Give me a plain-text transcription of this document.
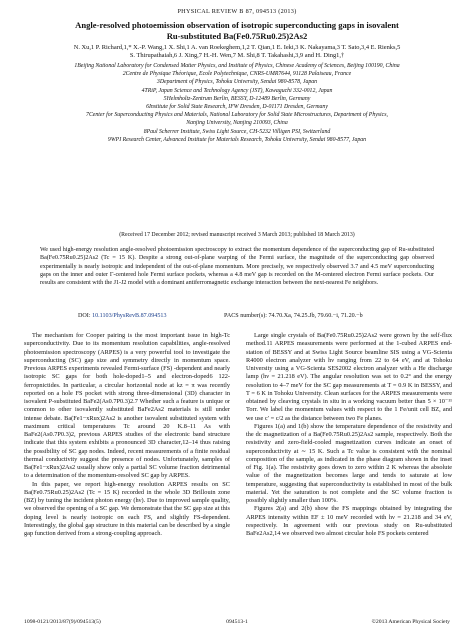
PHYSICAL REVIEW B 87, 094513 (2013)
Angle-resolved photoemission observation of isotropic superconducting gaps in isovalent
Ru-substituted Ba(Fe0.75Ru0.25)2As2
N. Xu,1 P. Richard,1,* X.-P. Wang,1 X. Shi,1 A. van Roekeghem,1,2 T. Qian,1 E. Ieki,3 K. Nakayama,3 T. Sato,3,4 E. Rienks,5
S. Thirupathaiah,6 J. Xing,7 H.-H. Wen,7 M. Shi,8 T. Takahashi,3,9 and H. Ding1,†
1Beijing National Laboratory for Condensed Matter Physics, and Institute of Physics, Chinese Academy of Sciences, Beijing 100190, China
2Centre de Physique Théorique, Ecole Polytechnique, CNRS-UMR7644, 91128 Palaiseau, France
3Department of Physics, Tohoku University, Sendai 980-8578, Japan
4TRiP, Japan Science and Technology Agency (JST), Kawaguchi 332-0012, Japan
5Helmholtz-Zentrum Berlin, BESSY, D-12489 Berlin, Germany
6Institute for Solid State Research, IFW Dresden, D-01171 Dresden, Germany
7Center for Superconducting Physics and Materials, National Laboratory for Solid State Microstructures, Department of Physics,
Nanjing University, Nanjing 210093, China
8Paul Scherrer Institute, Swiss Light Source, CH-5232 Villigen PSI, Switzerland
9WPI Research Center, Advanced Institute for Materials Research, Tohoku University, Sendai 980-8577, Japan
(Received 17 December 2012; revised manuscript received 3 March 2013; published 18 March 2013)
We used high-energy resolution angle-resolved photoemission spectroscopy to extract the momentum dependence of the superconducting gap of Ru-substituted Ba(Fe0.75Ru0.25)2As2 (Tc = 15 K). Despite a strong out-of-plane warping of the Fermi surface, the magnitude of the superconducting gap observed experimentally is nearly isotropic and independent of the out-of-plane momentum. More precisely, we respectively observed 3.7 and 4.5 meV superconducting gaps on the inner and outer Γ-centered hole Fermi surface pockets, whereas a 4.8 meV gap is recorded on the M-centered electron Fermi surface pockets. Our results are consistent with the J1-J2 model with a dominant antiferromagnetic exchange interaction between the next-nearest Fe neighbors.
DOI: 10.1103/PhysRevB.87.094513	PACS number(s): 74.70.Xa, 74.25.Jb, 79.60.−i, 71.20.−b

The mechanism for Cooper pairing is the most important issue in high-Tc superconductivity. Due to its momentum resolution capabilities, angle-resolved photoemission spectroscopy (ARPES) is a very powerful tool to investigate the superconducting (SC) gap size and symmetry directly in momentum space. Previous ARPES experiments revealed Fermi-surface (FS) -dependent and nearly isotropic SC gaps for both hole-doped1–5 and electron-doped6 122-ferropnictides. In particular, a circular horizontal node at kz = π was recently reported on a hole FS pocket with strong three-dimensional (3D) character in isovalent P-substituted BaFe2(As0.7P0.3)2.7 Whether such a feature is unique or common to other isovalently substituted BaFe2As2 materials is still under intense debate. Ba(Fe1−xRux)2As2 is another isovalent substituted system with maximum critical temperatures Tc around 20 K.8–11 As with BaFe2(As0.7P0.3)2, previous ARPES studies of the electronic band structure indicate that this system exhibits a pronounced 3D character,12–14 thus raising the possibility of SC gap nodes. Indeed, recent measurements of a finite residual thermal conductivity suggest the presence of nodes. Unfortunately, samples of Ba(Fe1−xRux)2As2 usually show only a partial SC volume fraction detrimental to a determination of the momentum-resolved SC gap by ARPES.

In this paper, we report high-energy resolution ARPES results on SC Ba(Fe0.75Ru0.25)2As2 (Tc = 15 K) recorded in the whole 3D Brillouin zone (BZ) by tuning the incident photon energy (hν). Due to improved sample quality, we observed the opening of a SC gap. We demonstrate that the SC gap size at this doping level is nearly isotropic on each FS, and slightly FS-dependent. Interestingly, the global gap structure in this material can be described by a single gap function derived from a strong-coupling approach.

Large single crystals of Ba(Fe0.75Ru0.25)2As2 were grown by the self-flux method.11 ARPES measurements were performed at the 1-cubed ARPES end-station of BESSY and at Swiss Light Source beamline SIS using a VG-Scienta R4000 electron analyzer with hν ranging from 22 to 64 eV, and at Tohoku University using a VG-Scienta SES2002 electron analyzer with a He discharge lamp (hν = 21.218 eV). The angular resolution was set to 0.2° and the energy resolution to 4–7 meV for the SC gap measurements at T = 0.9 K in BESSY, and T = 6 K in Tohoku University. Clean surfaces for the ARPES measurements were obtained by cleaving crystals in situ in a working vacuum better than 5 × 10⁻¹¹ Torr. We label the momentum values with respect to the 1 Fe/unit cell BZ, and we use c′ = c/2 as the distance between two Fe planes.

Figures 1(a) and 1(b) show the temperature dependence of the resistivity and the dc magnetization of a Ba(Fe0.75Ru0.25)2As2 sample, respectively. Both the resistivity and zero-field-cooled magnetization curves indicate an onset of superconductivity at ∼ 15 K. Such a Tc value is consistent with the nominal composition of the sample, as indicated in the phase diagram shown in the inset of Fig. 1(a). The resistivity goes down to zero within 2 K whereas the absolute value of the magnetization becomes large and tends to saturate at low temperature, suggesting that superconductivity is established in most of the bulk material. Yet the saturation is not complete and the SC volume fraction is possibly slightly smaller than 100%.

Figures 2(a) and 2(b) show the FS mappings obtained by integrating the ARPES intensity within EF ± 10 meV recorded with hν = 21.218 and 34 eV, respectively. In agreement with our previous study on Ru-substituted BaFe2As2,14 we observed two almost circular hole FS pockets centered

1098-0121/2013/87(9)/094513(5)	094513-1	©2013 American Physical Society
